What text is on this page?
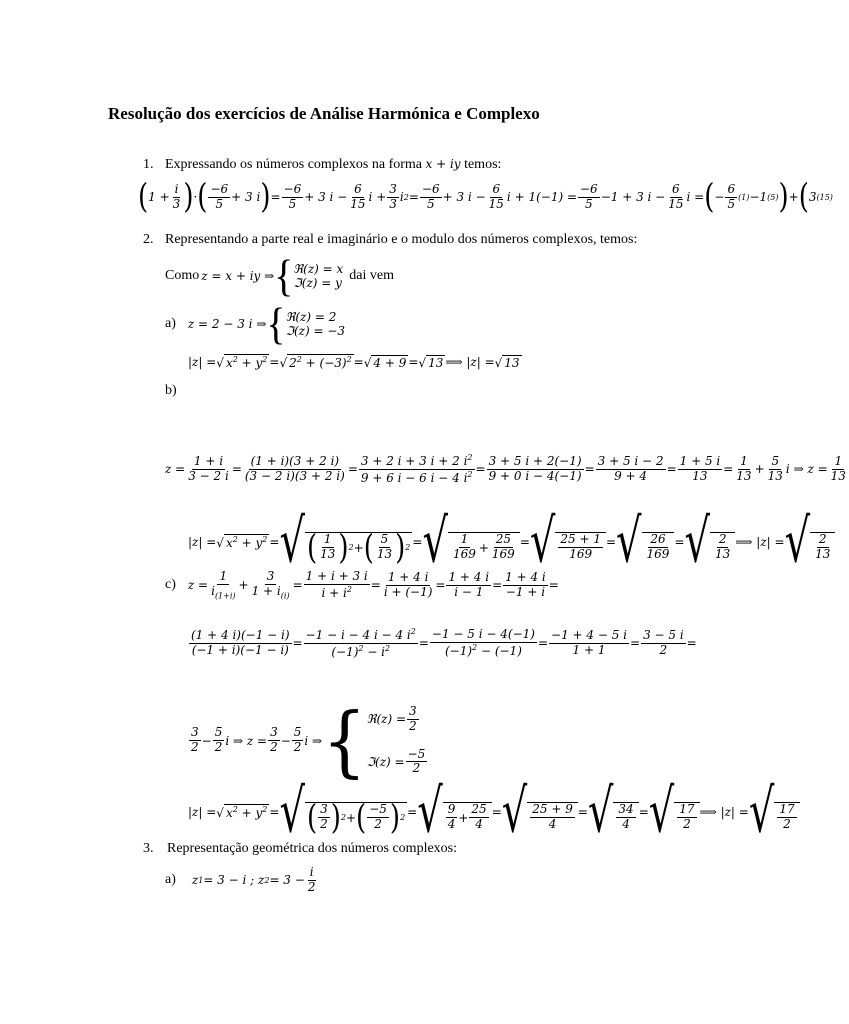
Resolução dos exercícios de Análise Harmónica e Complexo
1. Expressando os números complexos na forma x + iy temos:
( $1 + \frac{i}{3}$ ) · ( $\frac{-6}{5} + 3$ i ) = $\frac{-6}{5} + 3$ $i - \frac{6}{15}$ $i + \frac{3}{3}$ i $2 = \frac{-6}{5} + 3$ $i - \frac{6}{15}$ $i + 1(-1) = \frac{-6}{5} -1 + 3$ $i - \frac{6}{15}$ i = ( − $\frac{6}{5} (1) -1$ (5) ) + ( 3 (15)
2. Representando a parte real e imaginário e o modulo dos números complexos, temos:
Como z = x + iy ⇒ { ℜ(z) = x
ℑ(z) = y dai vem
a) z = 2 − 3 i ⇒ { ℜ(z) = 2
ℑ(z) = −3
|z| = √ $x^2 + y^2$ = √ $2^2 + (-3)^2$ = √ 4 + 9 = √ 13 ⟹ |z| = √ 13
b)
$z = \frac{1 + i}{3 - 2 i} = \frac{(1 + i)(3 + 2 i)}{(3 - 2 i)(3 + 2 i)} = \frac{3 + 2 i + 3 i + 2 i^2}{9 + 6 i - 6 i - 4 i^2} = \frac{3 + 5 i + 2(-1)}{9 + 0 i - 4(-1)} = \frac{3 + 5 i - 2}{9 + 4} = \frac{1 + 5 i}{13} = \frac{1}{13} + \frac{5}{13}$ i ⇒ $z = \frac{1}{13}$
|z| = √ $x^2 + y^2$ = √ ( $\frac{1}{13}$ ) 2 + ( $\frac{5}{13}$ ) 2 = √ $\frac{1}{169} + \frac{25}{169}$ = √ $\frac{25 + 1}{169}$ = √ $\frac{26}{169}$ = √ $\frac{2}{13}$ ⟹ |z| = √ $\frac{2}{13}$
c) $z = \frac{1}{i_{(1+i)}} + \frac{3}{1 + i_{(i)}} = \frac{1 + i + 3 i}{i + i^2} = \frac{1 + 4 i}{i + (-1)} = \frac{1 + 4 i}{i - 1} = \frac{1 + 4 i}{-1 + i}$ =
$\frac{(1 + 4 i)(-1 - i)}{(-1 + i)(-1 - i)} = \frac{-1 - i - 4 i - 4 i^2}{(-1)^2 - i^2} = \frac{-1 - 5 i - 4(-1)}{(-1)^2 - (-1)} = \frac{-1 + 4 - 5 i}{1 + 1} = \frac{3 - 5 i}{2}$ =
$\frac{3}{2} - \frac{5}{2}$ i ⇒ $z = \frac{3}{2} - \frac{5}{2}$ i ⇒ { ℜ(z) = $\frac{3}{2}$
ℑ(z) = $\frac{-5}{2}$
|z| = √ $x^2 + y^2$ = √ ( $\frac{3}{2}$ ) 2 + ( $\frac{-5}{2}$ ) 2 = √ $\frac{9}{4} + \frac{25}{4}$ = √ $\frac{25 + 9}{4}$ = √ $\frac{34}{4}$ = √ $\frac{17}{2}$ ⟹ |z| = √ $\frac{17}{2}$
3. Representação geométrica dos números complexos:
a) z 1 = 3 − i ; z $2 = 3 - \frac{i}{2}$
